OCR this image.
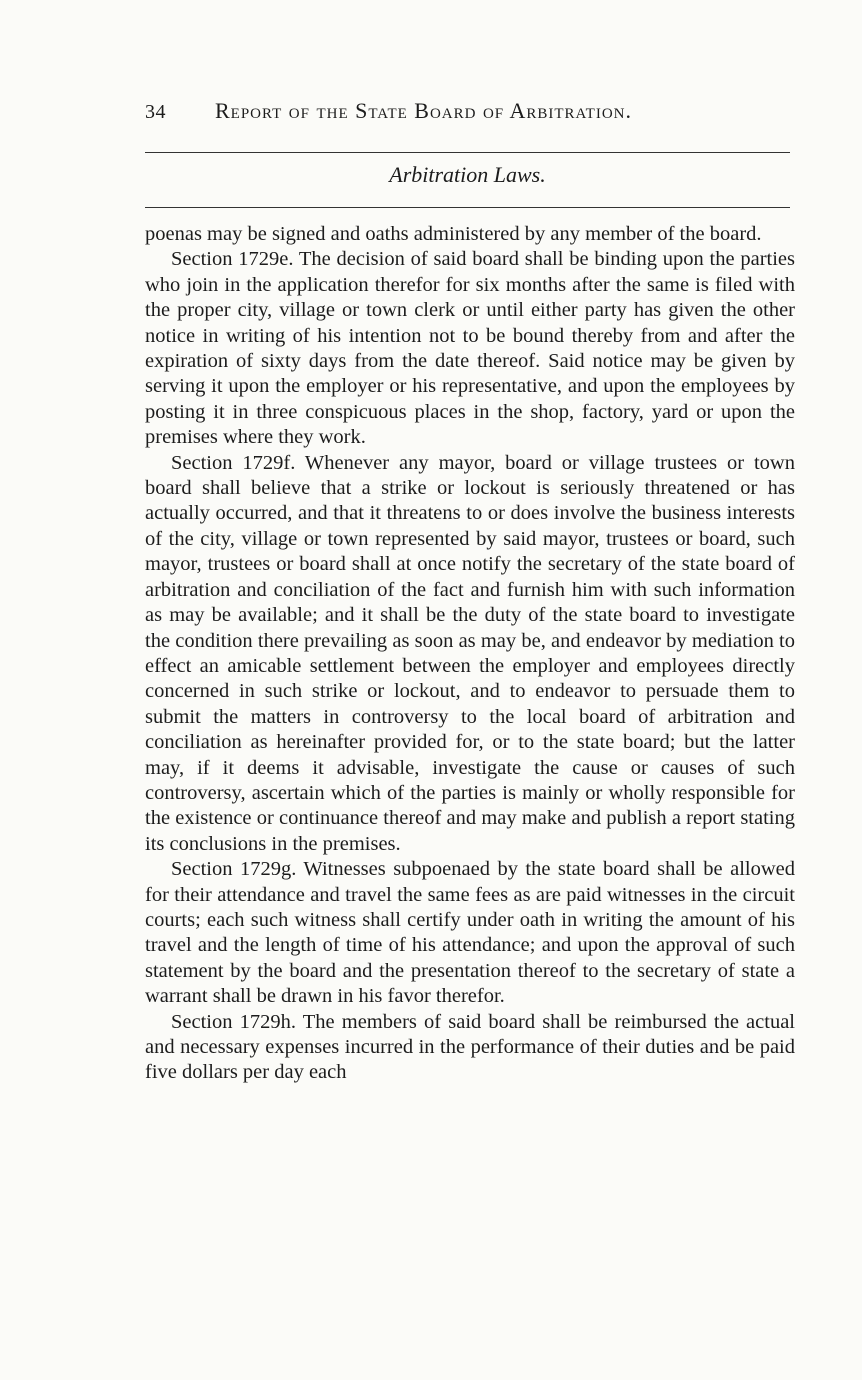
34	Report of the State Board of Arbitration.
Arbitration Laws.

poenas may be signed and oaths administered by any member of the board.

Section 1729e. The decision of said board shall be binding upon the parties who join in the application therefor for six months after the same is filed with the proper city, village or town clerk or until either party has given the other notice in writing of his intention not to be bound thereby from and after the expiration of sixty days from the date thereof. Said notice may be given by serving it upon the employer or his representative, and upon the employees by posting it in three conspicuous places in the shop, factory, yard or upon the premises where they work.

Section 1729f. Whenever any mayor, board or village trustees or town board shall believe that a strike or lockout is seriously threatened or has actually occurred, and that it threatens to or does involve the business interests of the city, village or town represented by said mayor, trustees or board, such mayor, trustees or board shall at once notify the secretary of the state board of arbitration and conciliation of the fact and furnish him with such information as may be available; and it shall be the duty of the state board to investigate the condition there prevailing as soon as may be, and endeavor by mediation to effect an amicable settlement between the employer and employees directly concerned in such strike or lockout, and to endeavor to persuade them to submit the matters in controversy to the local board of arbitration and conciliation as hereinafter provided for, or to the state board; but the latter may, if it deems it advisable, investigate the cause or causes of such controversy, ascertain which of the parties is mainly or wholly responsible for the existence or continuance thereof and may make and publish a report stating its conclusions in the premises.

Section 1729g. Witnesses subpoenaed by the state board shall be allowed for their attendance and travel the same fees as are paid witnesses in the circuit courts; each such witness shall certify under oath in writing the amount of his travel and the length of time of his attendance; and upon the approval of such statement by the board and the presentation thereof to the secretary of state a warrant shall be drawn in his favor therefor.

Section 1729h. The members of said board shall be reimbursed the actual and necessary expenses incurred in the performance of their duties and be paid five dollars per day each
